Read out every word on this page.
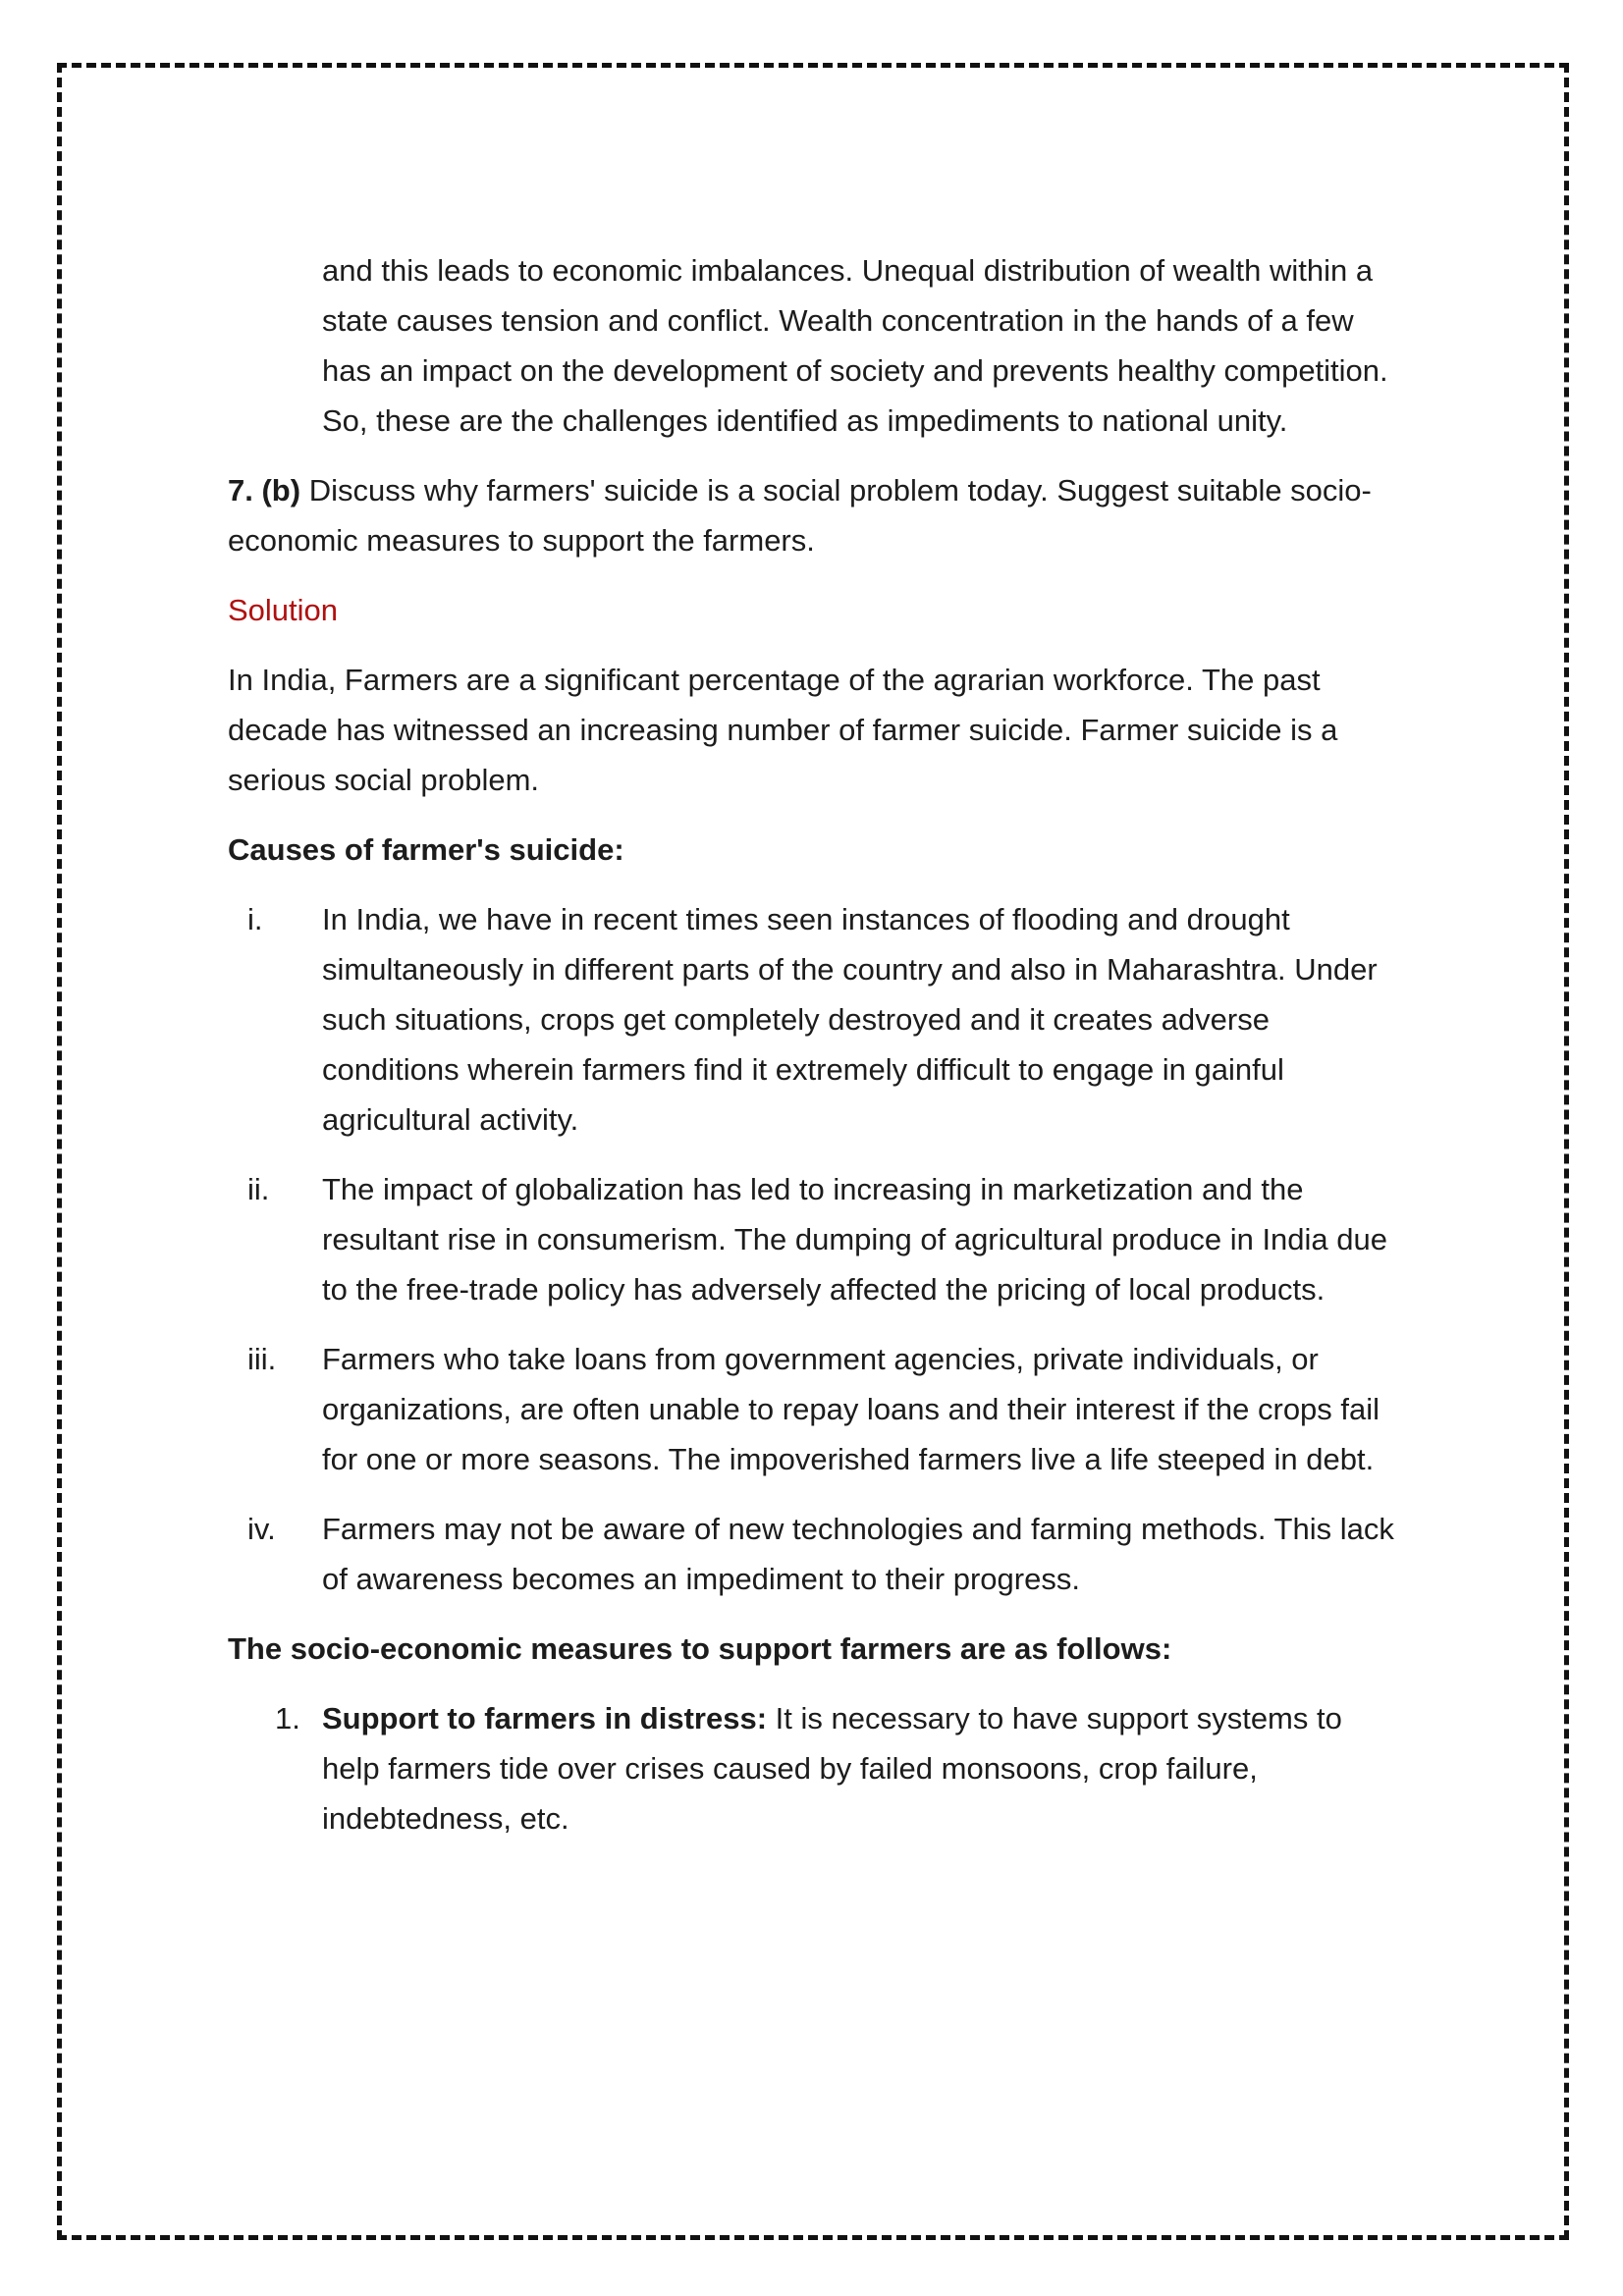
and this leads to economic imbalances. Unequal distribution of wealth within a state causes tension and conflict. Wealth concentration in the hands of a few has an impact on the development of society and prevents healthy competition. So, these are the challenges identified as impediments to national unity.

7. (b) Discuss why farmers' suicide is a social problem today. Suggest suitable socio-economic measures to support the farmers.

Solution

In India, Farmers are a significant percentage of the agrarian workforce. The past decade has witnessed an increasing number of farmer suicide. Farmer suicide is a serious social problem.

Causes of farmer's suicide:

i.	In India, we have in recent times seen instances of flooding and drought simultaneously in different parts of the country and also in Maharashtra. Under such situations, crops get completely destroyed and it creates adverse conditions wherein farmers find it extremely difficult to engage in gainful agricultural activity.
ii.	The impact of globalization has led to increasing in marketization and the resultant rise in consumerism. The dumping of agricultural produce in India due to the free-trade policy has adversely affected the pricing of local products.
iii.	Farmers who take loans from government agencies, private individuals, or organizations, are often unable to repay loans and their interest if the crops fail for one or more seasons. The impoverished farmers live a life steeped in debt.
iv.	Farmers may not be aware of new technologies and farming methods. This lack of awareness becomes an impediment to their progress.

The socio-economic measures to support farmers are as follows:

1. Support to farmers in distress: It is necessary to have support systems to help farmers tide over crises caused by failed monsoons, crop failure, indebtedness, etc.
